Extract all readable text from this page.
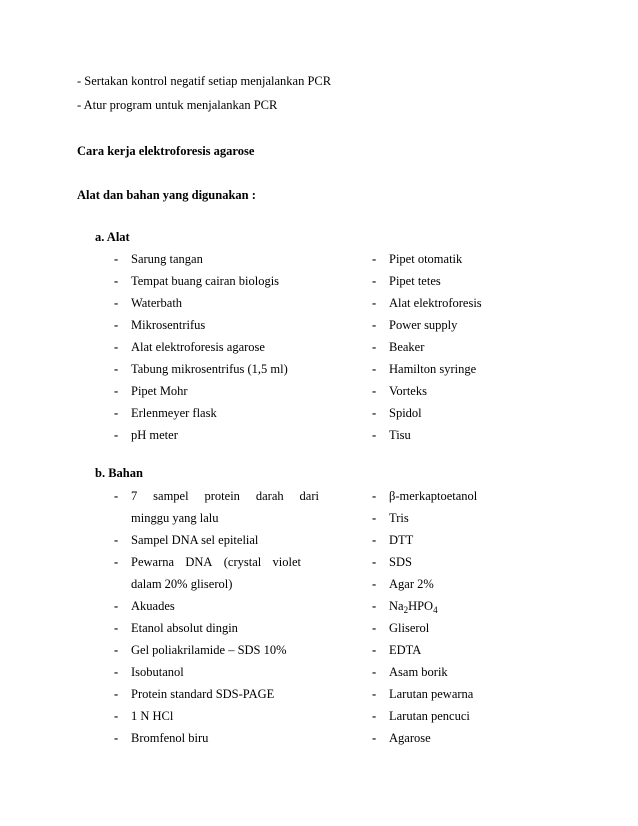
- Sertakan kontrol negatif setiap menjalankan PCR
- Atur program untuk menjalankan PCR
Cara kerja elektroforesis agarose
Alat dan bahan yang digunakan :
a. Alat
- Sarung tangan
- Tempat buang cairan biologis
- Waterbath
- Mikrosentrifus
- Alat elektroforesis agarose
- Tabung mikrosentrifus (1,5 ml)
- Pipet Mohr
- Erlenmeyer flask
- pH meter
- Pipet otomatik
- Pipet tetes
- Alat elektroforesis
- Power supply
- Beaker
- Hamilton syringe
- Vorteks
- Spidol
- Tisu
b. Bahan
- 7 sampel protein darah dari
minggu yang lalu
- Sampel DNA sel epitelial
- Pewarna DNA (crystal violet
dalam 20% gliserol)
- Akuades
- Etanol absolut dingin
- Gel poliakrilamide – SDS 10%
- Isobutanol
- Protein standard SDS-PAGE
- 1 N HCl
- Bromfenol biru
- β-merkaptoetanol
- Tris
- DTT
- SDS
- Agar 2%
- $Na_2HPO_4$
- Gliserol
- EDTA
- Asam borik
- Larutan pewarna
- Larutan pencuci
- Agarose
